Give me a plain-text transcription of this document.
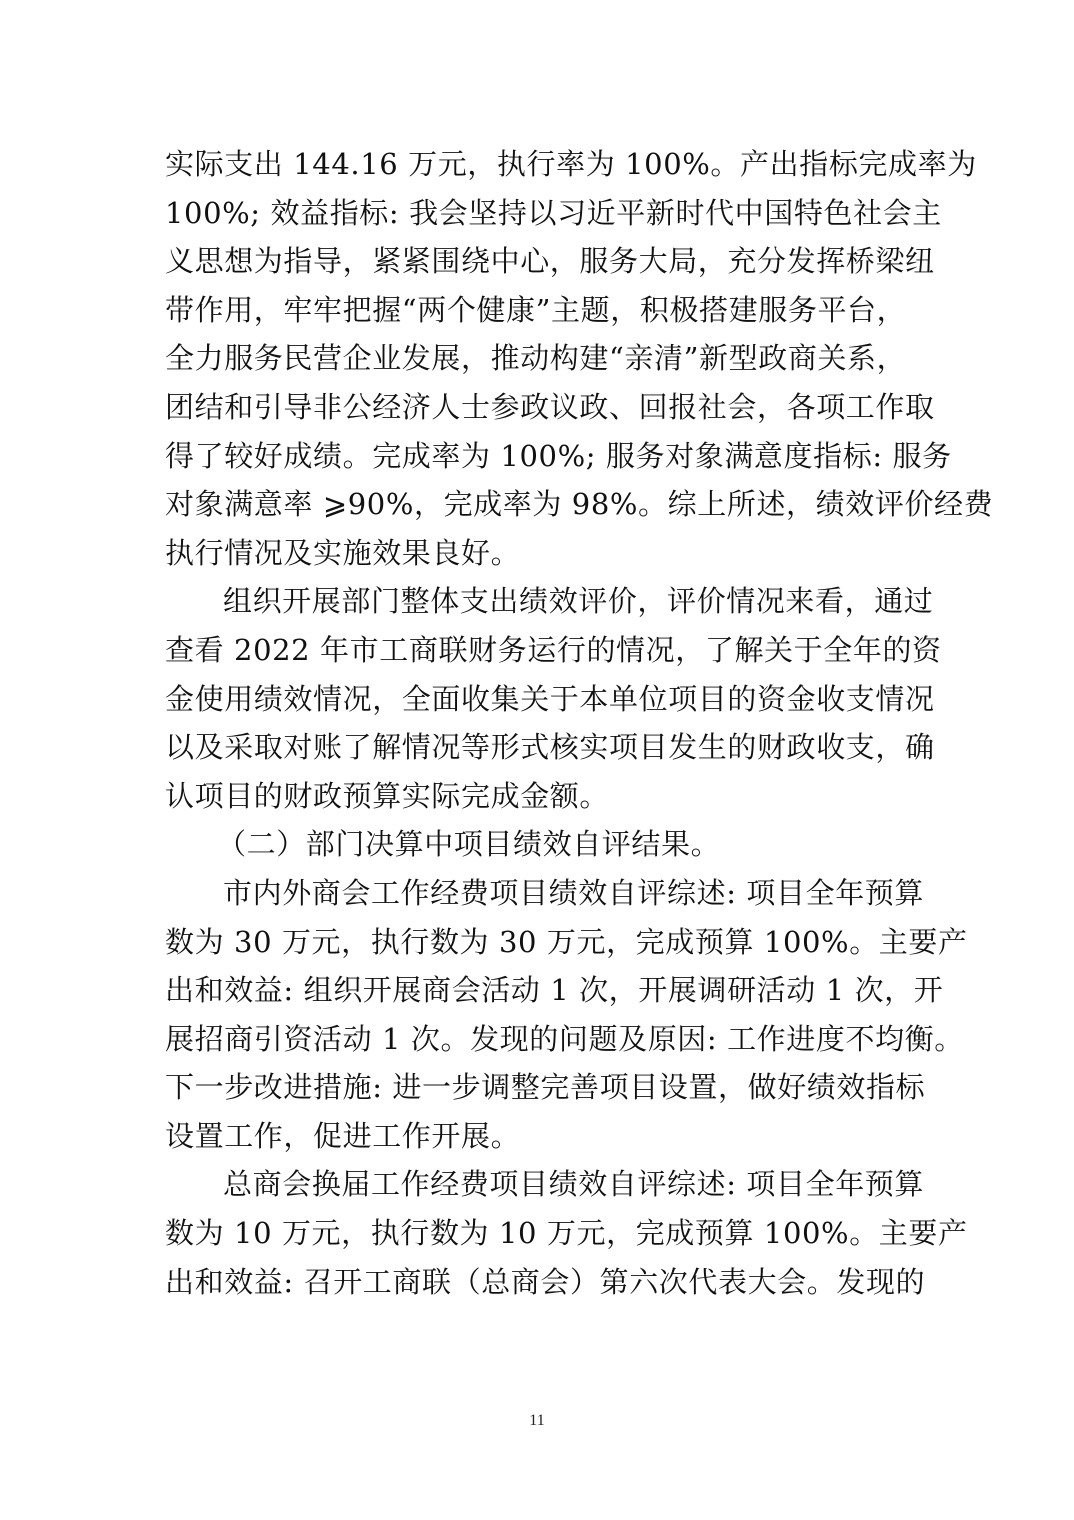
实际支出 144.16 万元，执行率为 100%。产出指标完成率为
100%; 效益指标: 我会坚持以习近平新时代中国特色社会主
义思想为指导，紧紧围绕中心，服务大局，充分发挥桥梁纽
带作用，牢牢把握“两个健康”主题，积极搭建服务平台，
全力服务民营企业发展，推动构建“亲清”新型政商关系，
团结和引导非公经济人士参政议政、回报社会，各项工作取
得了较好成绩。完成率为 100%; 服务对象满意度指标: 服务
对象满意率 ⩾90%，完成率为 98%。综上所述，绩效评价经费
执行情况及实施效果良好。
组织开展部门整体支出绩效评价，评价情况来看，通过
查看 2022 年市工商联财务运行的情况，了解关于全年的资
金使用绩效情况，全面收集关于本单位项目的资金收支情况
以及采取对账了解情况等形式核实项目发生的财政收支，确
认项目的财政预算实际完成金额。
（二）部门决算中项目绩效自评结果。
市内外商会工作经费项目绩效自评综述: 项目全年预算
数为 30 万元，执行数为 30 万元，完成预算 100%。主要产
出和效益: 组织开展商会活动 1 次，开展调研活动 1 次，开
展招商引资活动 1 次。发现的问题及原因: 工作进度不均衡。
下一步改进措施: 进一步调整完善项目设置，做好绩效指标
设置工作，促进工作开展。
总商会换届工作经费项目绩效自评综述: 项目全年预算
数为 10 万元，执行数为 10 万元，完成预算 100%。主要产
出和效益: 召开工商联（总商会）第六次代表大会。发现的
11
